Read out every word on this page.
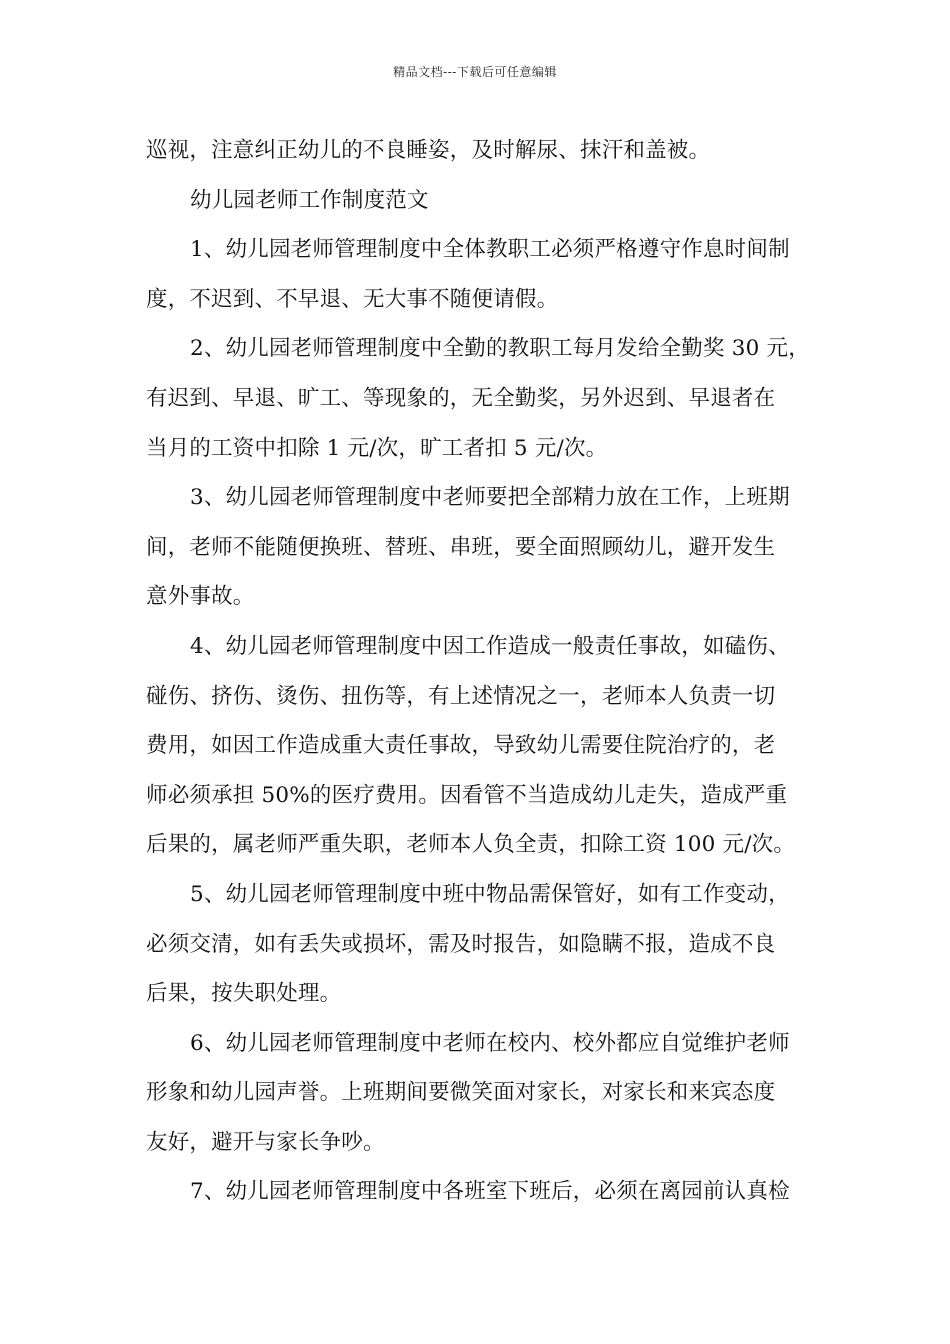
精品文档---下载后可任意编辑
巡视，注意纠正幼儿的不良睡姿，及时解尿、抹汗和盖被。
幼儿园老师工作制度范文
1、幼儿园老师管理制度中全体教职工必须严格遵守作息时间制
度，不迟到、不早退、无大事不随便请假。
2、幼儿园老师管理制度中全勤的教职工每月发给全勤奖 30 元，
有迟到、早退、旷工、等现象的，无全勤奖，另外迟到、早退者在
当月的工资中扣除 1 元/次，旷工者扣 5 元/次。
3、幼儿园老师管理制度中老师要把全部精力放在工作，上班期
间，老师不能随便换班、替班、串班，要全面照顾幼儿，避开发生
意外事故。
4、幼儿园老师管理制度中因工作造成一般责任事故，如磕伤、
碰伤、挤伤、烫伤、扭伤等，有上述情况之一，老师本人负责一切
费用，如因工作造成重大责任事故，导致幼儿需要住院治疗的，老
师必须承担 50%的医疗费用。因看管不当造成幼儿走失，造成严重
后果的，属老师严重失职，老师本人负全责，扣除工资 100 元/次。
5、幼儿园老师管理制度中班中物品需保管好，如有工作变动，
必须交清，如有丢失或损坏，需及时报告，如隐瞒不报，造成不良
后果，按失职处理。
6、幼儿园老师管理制度中老师在校内、校外都应自觉维护老师
形象和幼儿园声誉。上班期间要微笑面对家长，对家长和来宾态度
友好，避开与家长争吵。
7、幼儿园老师管理制度中各班室下班后，必须在离园前认真检
